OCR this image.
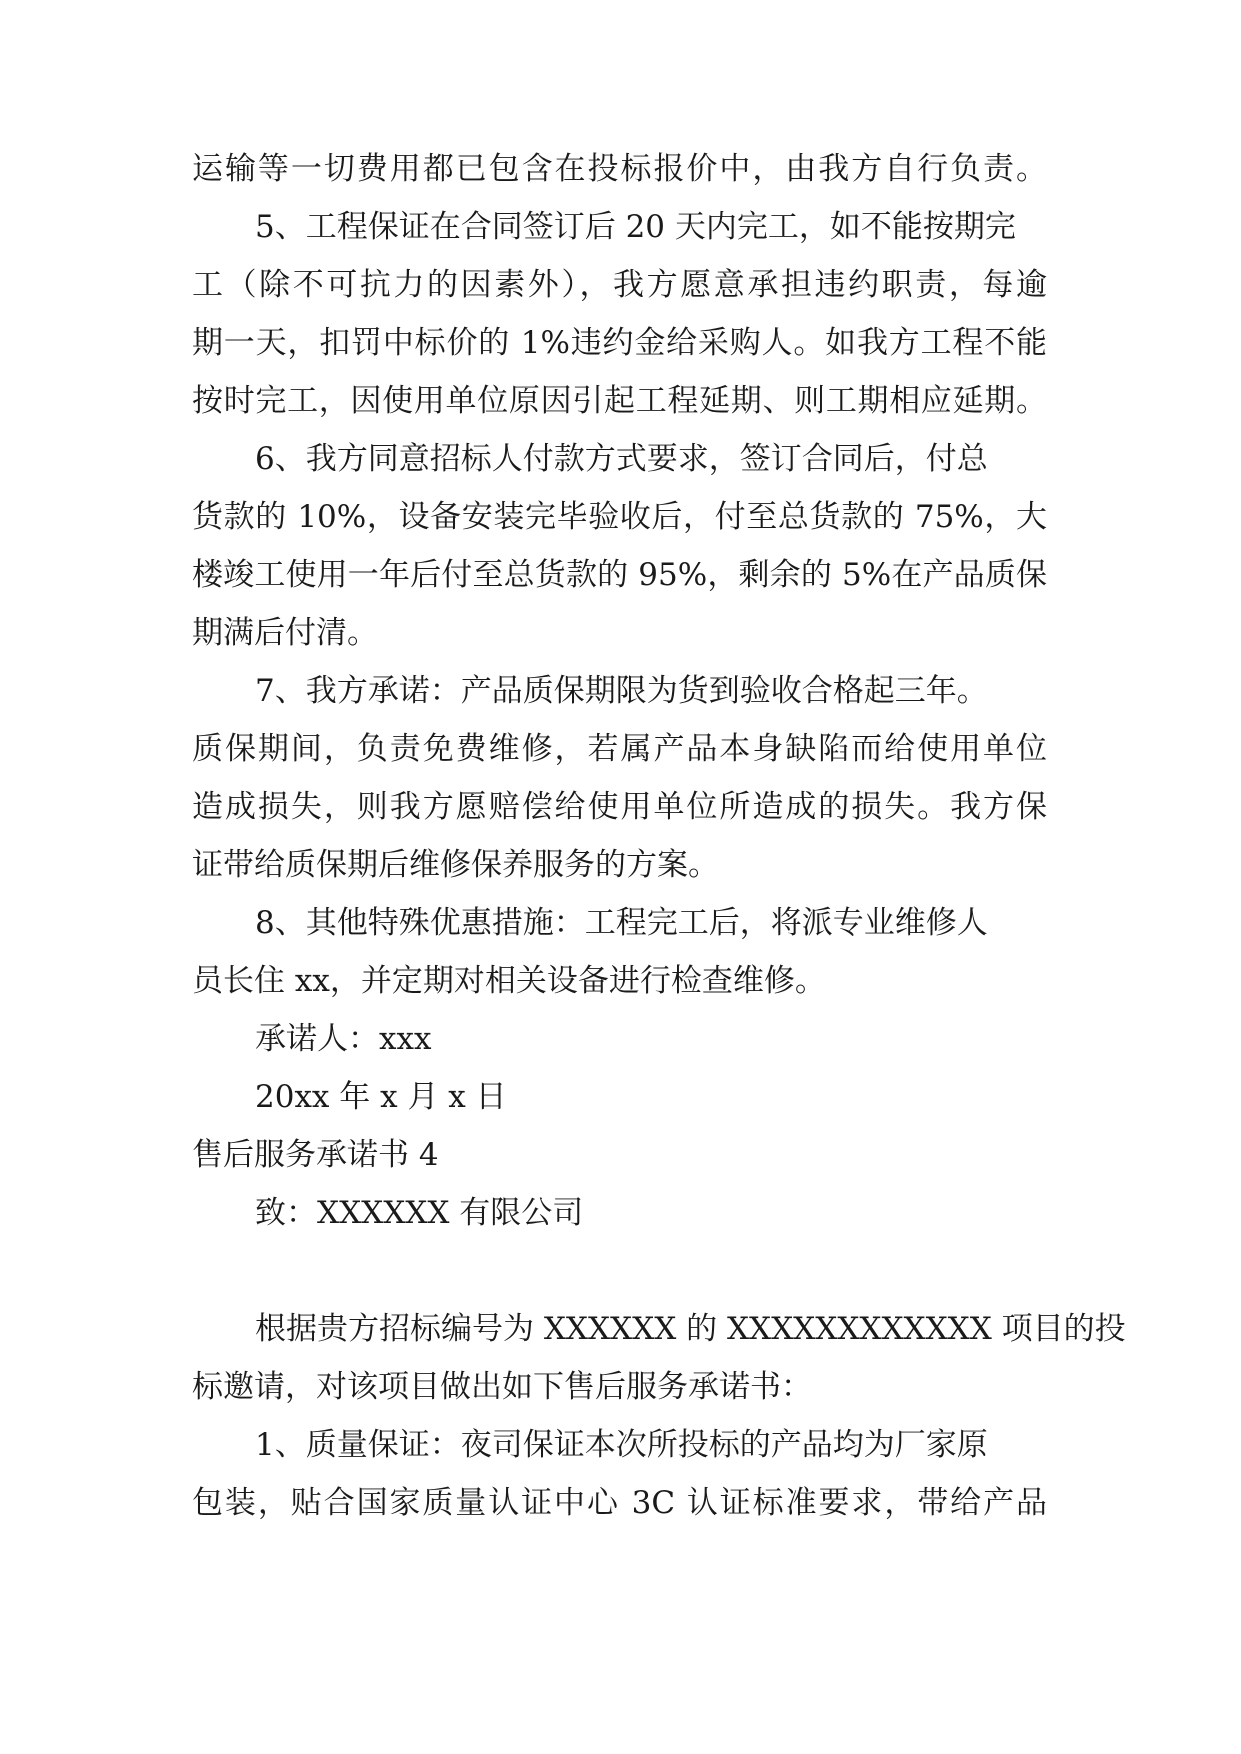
运输等一切费用都已包含在投标报价中，由我方自行负责。

5、工程保证在合同签订后 20 天内完工，如不能按期完

工（除不可抗力的因素外），我方愿意承担违约职责，每逾

期一天，扣罚中标价的 1%违约金给采购人。如我方工程不能

按时完工，因使用单位原因引起工程延期、则工期相应延期。

6、我方同意招标人付款方式要求，签订合同后，付总

货款的 10%，设备安装完毕验收后，付至总货款的 75%，大

楼竣工使用一年后付至总货款的 95%，剩余的 5%在产品质保

期满后付清。

7、我方承诺：产品质保期限为货到验收合格起三年。

质保期间，负责免费维修，若属产品本身缺陷而给使用单位

造成损失，则我方愿赔偿给使用单位所造成的损失。我方保

证带给质保期后维修保养服务的方案。

8、其他特殊优惠措施：工程完工后，将派专业维修人

员长住 xx，并定期对相关设备进行检查维修。

承诺人：xxx

20xx 年 x 月 x 日

售后服务承诺书 4

致：XXXXXX 有限公司

根据贵方招标编号为 XXXXXX 的 XXXXXXXXXXXX 项目的投

标邀请，对该项目做出如下售后服务承诺书：

1、质量保证：夜司保证本次所投标的产品均为厂家原

包装，贴合国家质量认证中心 3C 认证标准要求，带给产品
